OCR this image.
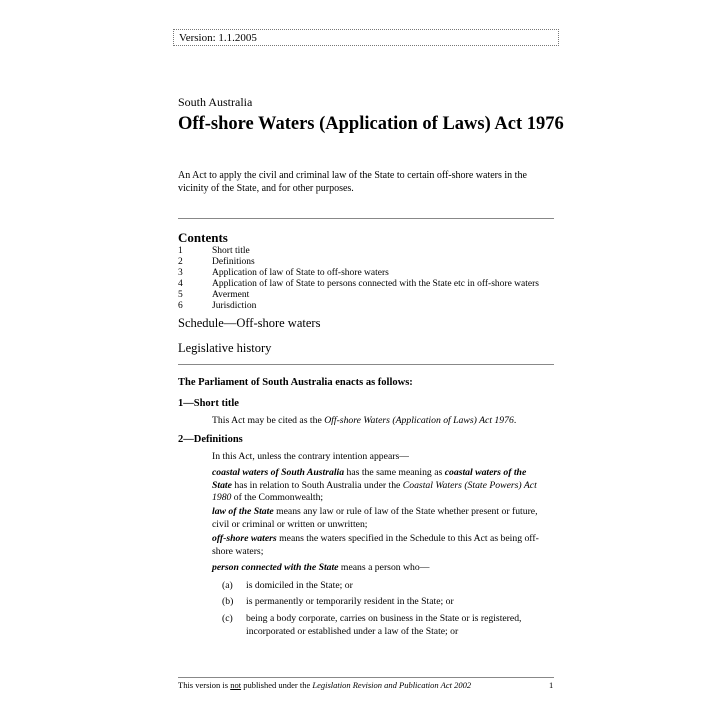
Version: 1.1.2005
South Australia
Off-shore Waters (Application of Laws) Act 1976
An Act to apply the civil and criminal law of the State to certain off-shore waters in the vicinity of the State, and for other purposes.
Contents
1	Short title
2	Definitions
3	Application of law of State to off-shore waters
4	Application of law of State to persons connected with the State etc in off-shore waters
5	Averment
6	Jurisdiction
Schedule—Off-shore waters
Legislative history
The Parliament of South Australia enacts as follows:
1—Short title
This Act may be cited as the Off-shore Waters (Application of Laws) Act 1976.
2—Definitions
In this Act, unless the contrary intention appears—
coastal waters of South Australia has the same meaning as coastal waters of the State has in relation to South Australia under the Coastal Waters (State Powers) Act 1980 of the Commonwealth;
law of the State means any law or rule of law of the State whether present or future, civil or criminal or written or unwritten;
off-shore waters means the waters specified in the Schedule to this Act as being off-shore waters;
person connected with the State means a person who—
(a) is domiciled in the State; or
(b) is permanently or temporarily resident in the State; or
(c) being a body corporate, carries on business in the State or is registered, incorporated or established under a law of the State; or
This version is not published under the Legislation Revision and Publication Act 2002	1
